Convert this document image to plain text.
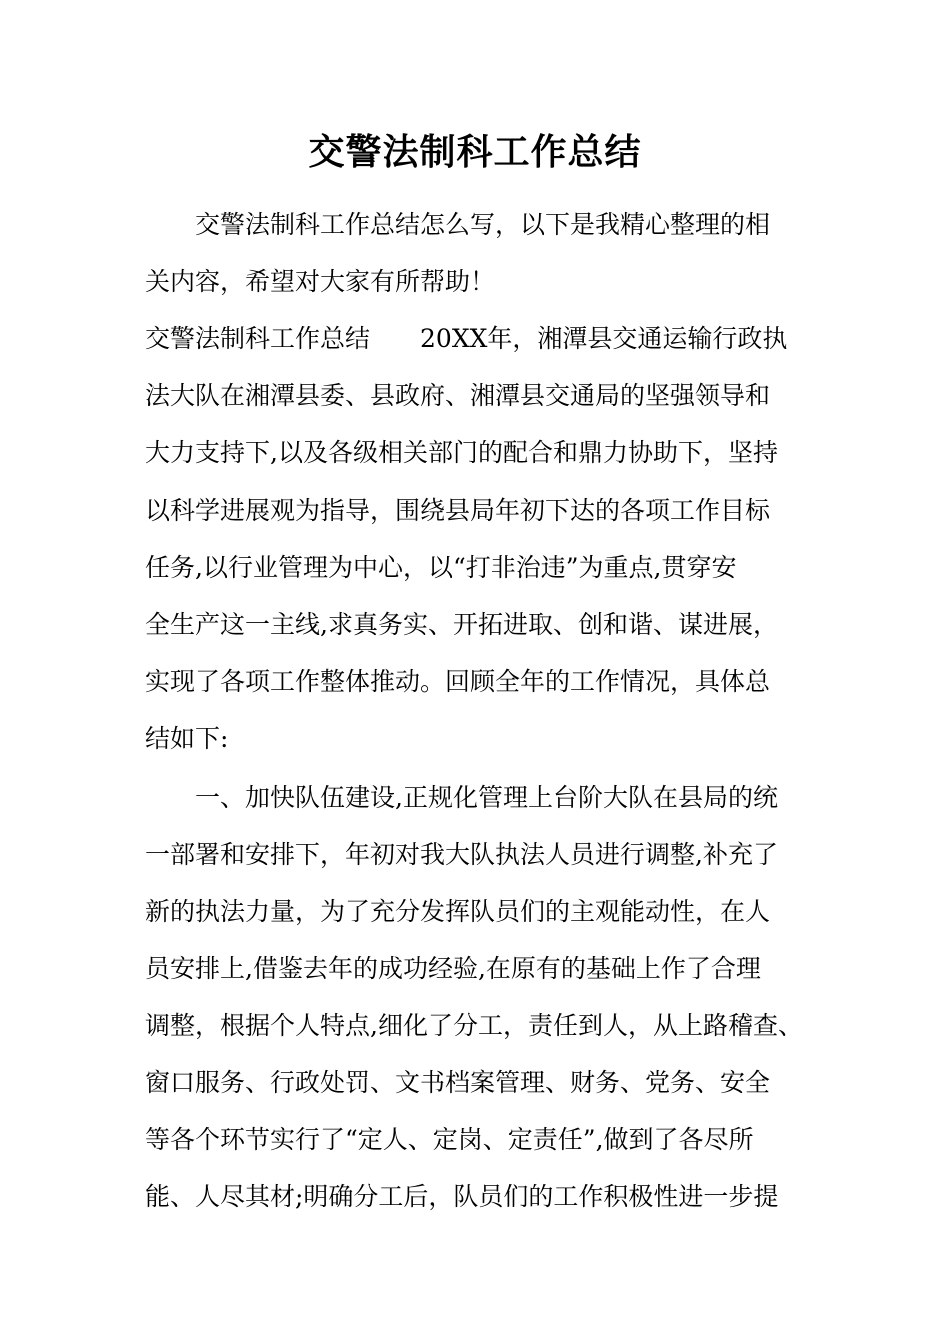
交警法制科工作总结
　　交警法制科工作总结怎么写，以下是我精心整理的相
关内容，希望对大家有所帮助！
交警法制科工作总结　　20XX年，湘潭县交通运输行政执
法大队在湘潭县委、县政府、湘潭县交通局的坚强领导和
大力支持下,以及各级相关部门的配合和鼎力协助下，坚持
以科学进展观为指导，围绕县局年初下达的各项工作目标
任务,以行业管理为中心，以“打非治违”为重点,贯穿安
全生产这一主线,求真务实、开拓进取、创和谐、谋进展，
实现了各项工作整体推动。回顾全年的工作情况，具体总
结如下:
　　一、加快队伍建设,正规化管理上台阶大队在县局的统
一部署和安排下，年初对我大队执法人员进行调整,补充了
新的执法力量，为了充分发挥队员们的主观能动性，在人
员安排上,借鉴去年的成功经验,在原有的基础上作了合理
调整，根据个人特点,细化了分工，责任到人，从上路稽查、
窗口服务、行政处罚、文书档案管理、财务、党务、安全
等各个环节实行了“定人、定岗、定责任”,做到了各尽所
能、人尽其材;明确分工后，队员们的工作积极性进一步提
